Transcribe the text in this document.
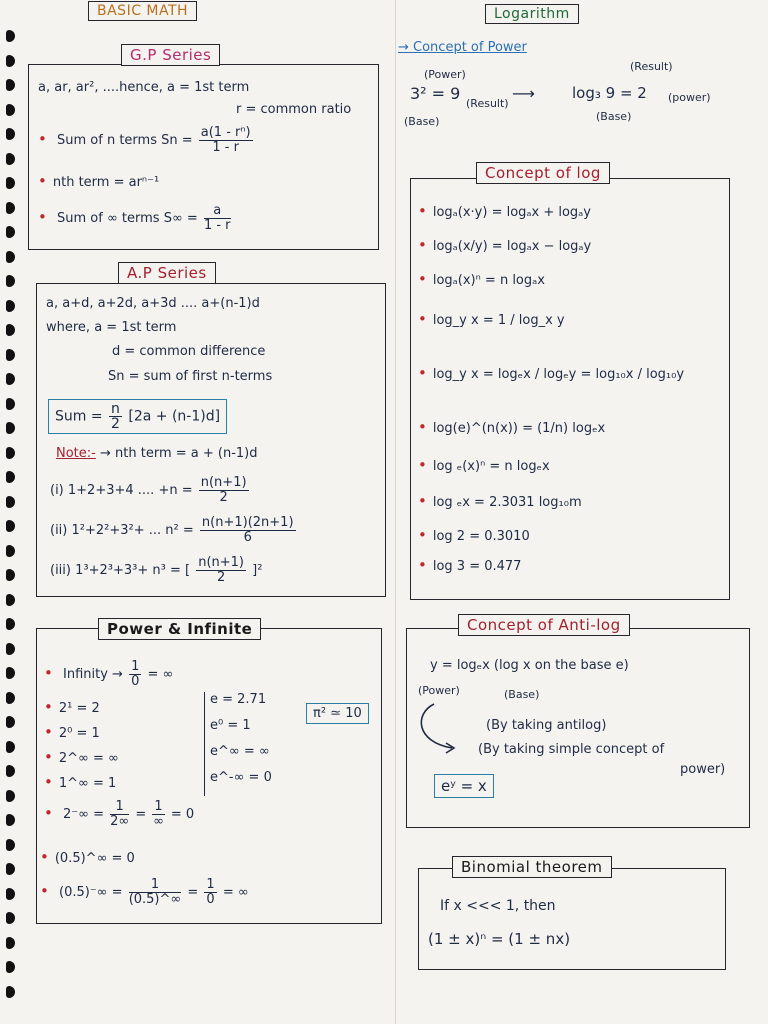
BASIC MATH
G.P Series
a, ar, ar², ....hence, a = 1st term
r = common ratio
• Sum of n terms $Sn = \frac{\text{a(1 - rⁿ)}}{1 - r}$
• nth term = arⁿ⁻¹
• Sum of ∞ terms $S\infty = \frac{a}{1 - r}$
A.P Series
a, a+d, a+2d, a+3d .... a+(n-1)d
where, a = 1st term
d = common difference
Sn = sum of first n-terms
Sum = $\frac{n}{2} [2a + (n-1)d]$
Note:- → nth term = a + (n-1)d
(i) 1+2+3+4 .... $+n = \frac{n(n+1)}{2}$
(ii) 1²+2²+3²+ ... $n^2 = \frac{n(n+1)(2n+1)}{6}$
(iii) 1³+2³+3³+ n³ = [ $\frac{n(n+1)}{2} ]^2$
Power & Infinite
• Infinity → $\frac{1}{0}$ = ∞
• 2¹ = 2
• 2⁰ = 1
• 2^∞ = ∞
• 1^∞ = 1
• $2^-\infty = \frac{1}{2\infty} = \frac{1}{\infty} = 0$
e = 2.71
e⁰ = 1
e^∞ = ∞
e^-∞ = 0
π² ≃ 10
• (0.5)^∞ = 0
• $(0.5)^-\infty = \frac{1}{(0.5)\^{}\infty} = \frac{1}{0}$ = ∞
Logarithm
→ Concept of Power
3² = 9
(Power)
(Base)
(Result)
⟶ log₃ 9 = 2
(Result)
(power)
(Base)
Concept of log
• logₐ(x·y) = logₐx + logₐy
• logₐ(x/y) = logₐx − logₐy
• logₐ(x)ⁿ = n logₐx
• log_y x = 1 / log_x y
• log_y x = logₑx / logₑy = log₁₀x / log₁₀y
• log(e)^(n(x)) = (1/n) logₑx
• log ₑ(x)ⁿ = n logₑx
• log ₑx = 2.3031 log₁₀m
• log 2 = 0.3010
• log 3 = 0.477
Concept of Anti-log
y = logₑx (log x on the base e)
(Power)	(Base)
(By taking antilog)
(By taking simple concept of
power)
eʸ = x
Binomial theorem
If x <<< 1, then
(1 ± x)ⁿ = (1 ± nx)
